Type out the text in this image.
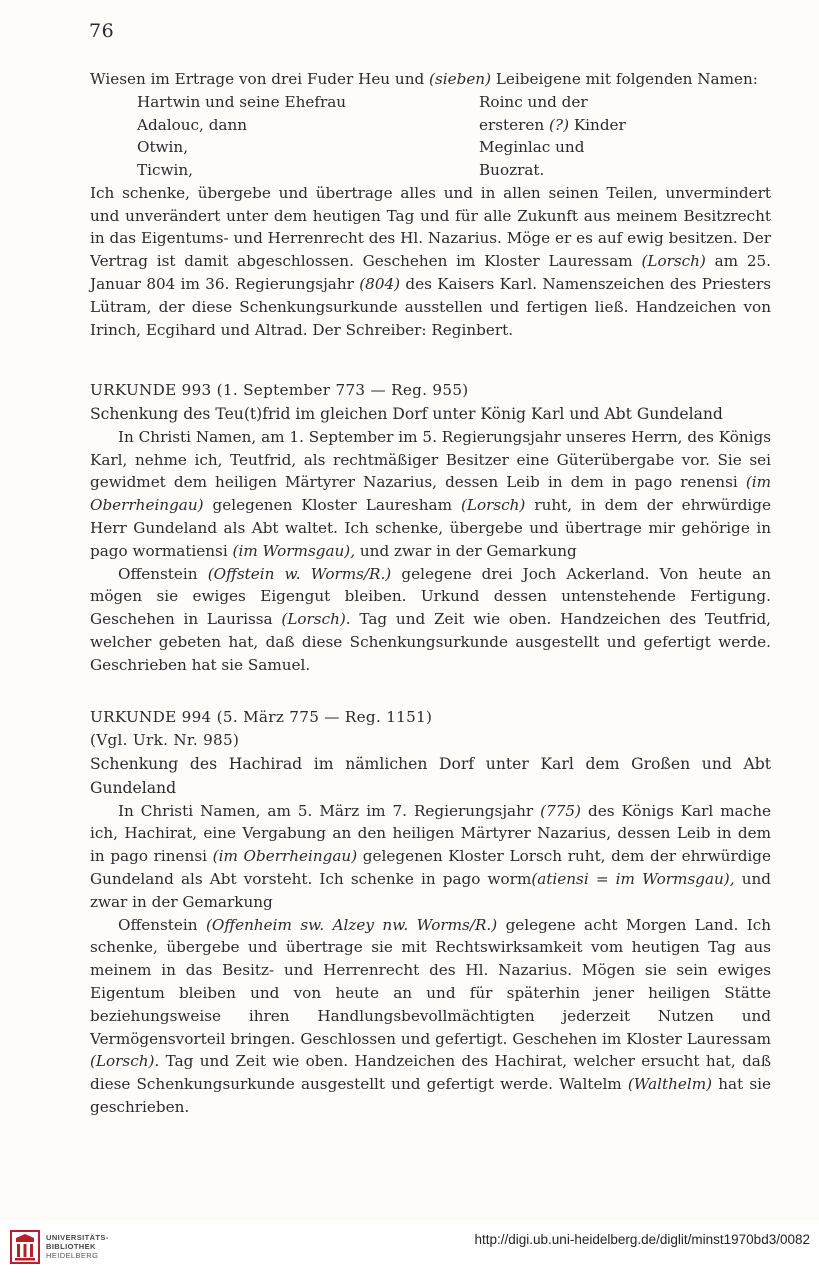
76

Wiesen im Ertrage von drei Fuder Heu und (sieben) Leibeigene mit folgenden Namen:

Hartwin und seine Ehefrau
Adalouc, dann
Otwin,
Ticwin,
Roinc und der
ersteren (?) Kinder
Meginlac und
Buozrat.

Ich schenke, übergebe und übertrage alles und in allen seinen Teilen, unvermindert und unverändert unter dem heutigen Tag und für alle Zukunft aus meinem Besitzrecht in das Eigentums- und Herrenrecht des Hl. Nazarius. Möge er es auf ewig besitzen. Der Vertrag ist damit abgeschlossen. Geschehen im Kloster Lauressam (Lorsch) am 25. Januar 804 im 36. Regierungsjahr (804) des Kaisers Karl. Namenszeichen des Priesters Lütram, der diese Schenkungsurkunde ausstellen und fertigen ließ. Handzeichen von Irinch, Ecgihard und Altrad. Der Schreiber: Reginbert.

URKUNDE 993 (1. September 773 — Reg. 955)

Schenkung des Teu(t)frid im gleichen Dorf unter König Karl und Abt Gundeland

In Christi Namen, am 1. September im 5. Regierungsjahr unseres Herrn, des Königs Karl, nehme ich, Teutfrid, als rechtmäßiger Besitzer eine Güterübergabe vor. Sie sei gewidmet dem heiligen Märtyrer Nazarius, dessen Leib in dem in pago renensi (im Oberrheingau) gelegenen Kloster Lauresham (Lorsch) ruht, in dem der ehrwürdige Herr Gundeland als Abt waltet. Ich schenke, übergebe und übertrage mir gehörige in pago wormatiensi (im Wormsgau), und zwar in der Gemarkung

Offenstein (Offstein w. Worms/R.) gelegene drei Joch Ackerland. Von heute an mögen sie ewiges Eigengut bleiben. Urkund dessen untenstehende Fertigung. Geschehen in Laurissa (Lorsch). Tag und Zeit wie oben. Handzeichen des Teutfrid, welcher gebeten hat, daß diese Schenkungsurkunde ausgestellt und gefertigt werde. Geschrieben hat sie Samuel.

URKUNDE 994 (5. März 775 — Reg. 1151)

(Vgl. Urk. Nr. 985)

Schenkung des Hachirad im nämlichen Dorf unter Karl dem Großen und Abt Gundeland

In Christi Namen, am 5. März im 7. Regierungsjahr (775) des Königs Karl mache ich, Hachirat, eine Vergabung an den heiligen Märtyrer Nazarius, dessen Leib in dem in pago rinensi (im Oberrheingau) gelegenen Kloster Lorsch ruht, dem der ehrwürdige Gundeland als Abt vorsteht. Ich schenke in pago worm(atiensi = im Wormsgau), und zwar in der Gemarkung

Offenstein (Offenheim sw. Alzey nw. Worms/R.) gelegene acht Morgen Land. Ich schenke, übergebe und übertrage sie mit Rechtswirksamkeit vom heutigen Tag aus meinem in das Besitz- und Herrenrecht des Hl. Nazarius. Mögen sie sein ewiges Eigentum bleiben und von heute an und für späterhin jener heiligen Stätte beziehungsweise ihren Handlungsbevollmächtigten jederzeit Nutzen und Vermögensvorteil bringen. Geschlossen und gefertigt. Geschehen im Kloster Lauressam (Lorsch). Tag und Zeit wie oben. Handzeichen des Hachirat, welcher ersucht hat, daß diese Schenkungsurkunde ausgestellt und gefertigt werde. Waltelm (Walthelm) hat sie geschrieben.

UNIVERSITÄTS-
BIBLIOTHEK
HEIDELBERG
http://digi.ub.uni-heidelberg.de/diglit/minst1970bd3/0082
